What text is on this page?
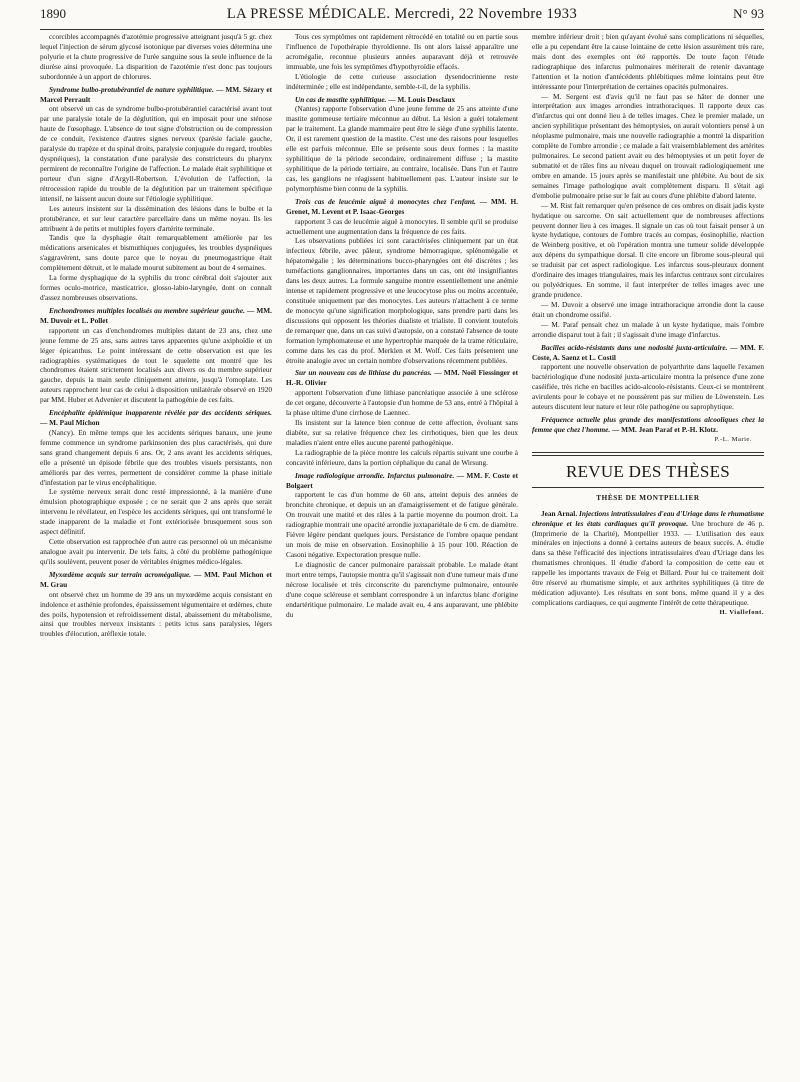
1890	LA PRESSE MÉDICALE. Mercredi, 22 Novembre 1933	N° 93

ccorcibles accompagnés d'azotémie progressive atteignant jusqu'à 5 gr. chez lequel l'injection de sérum glycosé isotonique par diverses voies détermina une polyurie et la chute progressive de l'urée sanguine sous la seule influence de la diurèse ainsi provoquée. La disparition de l'azotémie n'est donc pas toujours subordonnée à un apport de chlorures.

Syndrome bulbo-protubérantiel de nature syphilitique. — MM. Sézary et Marcel Perrault

ont observé un cas de syndrome bulbo-protubérantiel caractérisé avant tout par une paralysie totale de la déglutition, qui en imposait pour une sténose haute de l'œsophage. L'absence de tout signe d'obstruction ou de compression de ce conduit, l'existence d'autres signes nerveux (parésie faciale gauche, paralysie du trapèze et du spinal droits, paralysie conjuguée du regard, troubles dyspnéiques), la constatation d'une paralysie des constricteurs du pharynx permirent de reconnaître l'origine de l'affection. Le malade était syphilitique et porteur d'un signe d'Argyll-Robertson. L'évolution de l'affection, la rétrocession rapide du trouble de la déglutition par un traitement spécifique intensif, ne laissent aucun doute sur l'étiologie syphilitique.

Les auteurs insistent sur la dissémination des lésions dans le bulbe et la protubérance, et sur leur caractère parcellaire dans un même noyau. Ils les attribuent à de petits et multiples foyers d'artérite terminale.

Tandis que la dysphagie était remarquablement améliorée par les médications arsenicales et bismuthiques conjuguées, les troubles dyspnéiques s'aggravèrent, sans doute parce que le noyau du pneumogastrique était complètement détruit, et le malade mourut subitement au bout de 4 semaines.

La forme dysphagique de la syphilis du tronc cérébral doit s'ajouter aux formes oculo-motrice, masticatrice, glosso-labio-laryngée, dont on connaît d'assez nombreuses observations.

Enchondromes multiples localisés au membre supérieur gauche. — MM. M. Duvoir et L. Pollet

rapportent un cas d'enchondromes multiples datant de 23 ans, chez une jeune femme de 25 ans, sans autres tares apparentes qu'une axiphoïdie et un léger épicanthus. Le point intéressant de cette observation est que les radiographies systématiques de tout le squelette ont montré que les chondromes étaient strictement localisés aux divers os du membre supérieur gauche, depuis la main seule cliniquement atteinte, jusqu'à l'omoplate. Les auteurs rapprochent leur cas de celui à disposition unilatérale observé en 1920 par MM. Huber et Advenier et discutent la pathogénie de ces faits.

Encéphalite épidémique inapparente révélée par des accidents sériques. — M. Paul Michon

(Nancy). En même temps que les accidents sériques banaux, une jeune femme commence un syndrome parkinsonien des plus caractérisés, qui dure sans grand changement depuis 6 ans. Or, 2 ans avant les accidents sériques, elle a présenté un épisode fébrile que des troubles visuels persistants, non améliorés par des verres, permettent de considérer comme la phase initiale d'infestation par le virus encéphalitique.

Le système nerveux serait donc resté impressionné, à la manière d'une émulsion photographique exposée ; ce ne serait que 2 ans après que serait intervenu le révélateur, en l'espèce les accidents sériques, qui ont transformé le stade inapparent de la maladie et l'ont extériorisée brusquement sous son aspect définitif.

Cette observation est rapprochée d'un autre cas personnel où un mécanisme analogue avait pu intervenir. De tels faits, à côté du problème pathogénique qu'ils soulèvent, peuvent poser de véritables énigmes médico-légales.

Myxœdème acquis sur terrain acromégalique. — MM. Paul Michon et M. Grau

ont observé chez un homme de 39 ans un myxœdème acquis consistant en indolence et asthénie profondes, épaississement tégumentaire et œdèmes, chute des poils, hypotension et refroidissement distal, abaissement du métabolisme, ainsi que troubles nerveux insistants : petits ictus sans paralysies, légers troubles d'élocution, aréflexie totale.

Tous ces symptômes ont rapidement rétrocédé en totalité ou en partie sous l'influence de l'opothérapie thyroïdienne. Ils ont alors laissé apparaître une acromégalie, reconnue plusieurs années auparavant déjà et retrouvée immuable, une fois les symptômes d'hypothyroïdie effacés.

L'étiologie de cette curieuse association dysendocrinienne reste indéterminée ; elle est indépendante, semble-t-il, de la syphilis.

Un cas de mastite syphilitique. — M. Louis Desclaux

(Nantes) rapporte l'observation d'une jeune femme de 25 ans atteinte d'une mastite gommeuse tertiaire méconnue au début. La lésion a guéri totalement par le traitement. La glande mammaire peut être le siège d'une syphilis latente. Or, il est rarement question de la mastite. C'est une des raisons pour lesquelles elle est parfois méconnue. Elle se présente sous deux formes : la mastite syphilitique de la période secondaire, ordinairement diffuse ; la mastite syphilitique de la période tertiaire, au contraire, localisée. Dans l'un et l'autre cas, les ganglions ne réagissent habituellement pas. L'auteur insiste sur le polymorphisme bien connu de la syphilis.

Trois cas de leucémie aiguë à monocytes chez l'enfant. — MM. H. Grenet, M. Levent et P. Isaac-Georges

rapportent 3 cas de leucémie aiguë à monocytes. Il semble qu'il se produise actuellement une augmentation dans la fréquence de ces faits.

Les observations publiées ici sont caractérisées cliniquement par un état infectieux fébrile, avec pâleur, syndrome hémorragique, splénomégalie et hépatomégalie ; les déterminations bucco-pharyngées ont été discrètes ; les tuméfactions ganglionnaires, importantes dans un cas, ont été insignifiantes dans les deux autres. La formule sanguine montre essentiellement une anémie intense et rapidement progressive et une leucocytose plus ou moins accentuée, constituée uniquement par des monocytes. Les auteurs n'attachent à ce terme de monocyte qu'une signification morphologique, sans prendre parti dans les discussions qui opposent les théories dualiste et trialiste. Il convient toutefois de remarquer que, dans un cas suivi d'autopsie, on a constaté l'absence de toute formation lymphomateuse et une hypertrophie marquée de la trame réticulaire, comme dans les cas du prof. Merklen et M. Wolf. Ces faits présentent une étroite analogie avec un certain nombre d'observations récemment publiées.

Sur un nouveau cas de lithiase du pancréas. — MM. Noël Fiessinger et H.-R. Olivier

apportent l'observation d'une lithiase pancréatique associée à une sclérose de cet organe, découverte à l'autopsie d'un homme de 53 ans, entré à l'hôpital à la phase ultime d'une cirrhose de Laennec.

Ils insistent sur la latence bien connue de cette affection, évoluant sans diabète, sur sa relative fréquence chez les cirrhotiques, bien que les deux maladies n'aient entre elles aucune parenté pathogénique.

La radiographie de la pièce montre les calculs répartis suivant une courbe à concavité inférieure, dans la portion céphalique du canal de Wirsung.

Image radiologique arrondie. Infarctus pulmonaire. — MM. F. Coste et Bolgaert

rapportent le cas d'un homme de 60 ans, atteint depuis des années de bronchite chronique, et depuis un an d'amaigrissement et de fatigue générale. On trouvait une matité et des râles à la partie moyenne du poumon droit. La radiographie montrait une opacité arrondie juxtapariétale de 6 cm. de diamètre. Fièvre légère pendant quelques jours. Persistance de l'ombre opaque pendant un mois de mise en observation. Eosinophilie à 15 pour 100. Réaction de Casoni négative. Expectoration presque nulle.

Le diagnostic de cancer pulmonaire paraissait probable. Le malade étant mort entre temps, l'autopsie montra qu'il s'agissait non d'une tumeur mais d'une nécrose localisée et très circonscrite du parenchyme pulmonaire, entourée d'une coque scléreuse et semblant correspondre à un infarctus blanc d'origine endartéritique pulmonaire. Le malade avait eu, 4 ans auparavant, une phlébite du

membre inférieur droit ; bien qu'ayant évolué sans complications ni séquelles, elle a pu cependant être la cause lointaine de cette lésion assurément très rare, mais dont des exemples ont été rapportés. De toute façon l'étude radiographique des infarctus pulmonaires mériterait de retenir davantage l'attention et la notion d'antécédents phlébitiques même lointains peut être intéressante pour l'interprétation de certaines opacités pulmonaires.

— M. Sergent est d'avis qu'il ne faut pas se hâter de donner une interprétation aux images arrondies intrathoraciques. Il rapporte deux cas d'infarctus qui ont donné lieu à de telles images. Chez le premier malade, un ancien syphilitique présentant des hémoptysies, on aurait volontiers pensé à un néoplasme pulmonaire, mais une nouvelle radiographie a montré la disparition complète de l'ombre arrondie ; ce malade a fait vraisemblablement des artérites pulmonaires. Le second patient avait eu des hémoptysies et un petit foyer de submatité et de râles fins au niveau duquel on trouvait radiologiquement une ombre en amande. 15 jours après se manifestait une phlébite. Au bout de six semaines l'image pathologique avait complètement disparu. Il s'était agi d'embolie pulmonaire prise sur le fait au cours d'une phlébite d'abord latente.

— M. Rist fait remarquer qu'en présence de ces ombres on disait jadis kyste hydatique ou sarcome. On sait actuellement que de nombreuses affections peuvent donner lieu à ces images. Il signale un cas où tout faisait penser à un kyste hydatique, contours de l'ombre tracés au compas, éosinophilie, réaction de Weinberg positive, et où l'opération montra une tumeur solide développée aux dépens du sympathique dorsal. Il cite encore un fibrome sous-pleural qui se traduisit par cet aspect radiologique. Les infarctus sous-pleuraux donnent d'ordinaire des images triangulaires, mais les infarctus centraux sont circulaires ou polyédriques. En somme, il faut interpréter de telles images avec une grande prudence.

— M. Duvoir a observé une image intrathoracique arrondie dont la cause était un chondrome ossifié.

— M. Paraf pensait chez un malade à un kyste hydatique, mais l'ombre arrondie disparut tout à fait ; il s'agissait d'une image d'infarctus.

Bacilles acido-résistants dans une nodosité juxta-articulaire. — MM. F. Coste, A. Saenz et L. Costil

rapportent une nouvelle observation de polyarthrite dans laquelle l'examen bactériologique d'une nodosité juxta-articulaire montra la présence d'une zone caséifiée, très riche en bacilles acido-alcoolo-résistants. Ceux-ci se montrèrent avirulents pour le cobaye et ne poussèrent pas sur milieu de Löwenstein. Les auteurs discutent leur nature et leur rôle pathogène ou saprophytique.

Fréquence actuelle plus grande des manifestations alcooliques chez la femme que chez l'homme. — MM. Jean Paraf et P.-H. Klotz.

P.-L. Marie.

REVUE DES THÈSES
THÈSE DE MONTPELLIER

Jean Arnal. Injections intratissulaires d'eau d'Uriage dans le rhumatisme chronique et les états cardiaques qu'il provoque. Une brochure de 46 p. (Imprimerie de la Charité), Montpellier 1933. — L'utilisation des eaux minérales en injections a donné à certains auteurs de beaux succès. A. étudie dans sa thèse l'efficacité des injections intratissulaires d'eau d'Uriage dans les rhumatismes chroniques. Il étudie d'abord la composition de cette eau et rappelle les importants travaux de Feig et Billard. Pour lui ce traitement doit être réservé au rhumatisme simple, et aux arthrites syphilitiques (à titre de médication adjuvante). Les résultats en sont bons, même quand il y a des complications cardiaques, ce qui augmente l'intérêt de cette thérapeutique.

H. Viallefont.
